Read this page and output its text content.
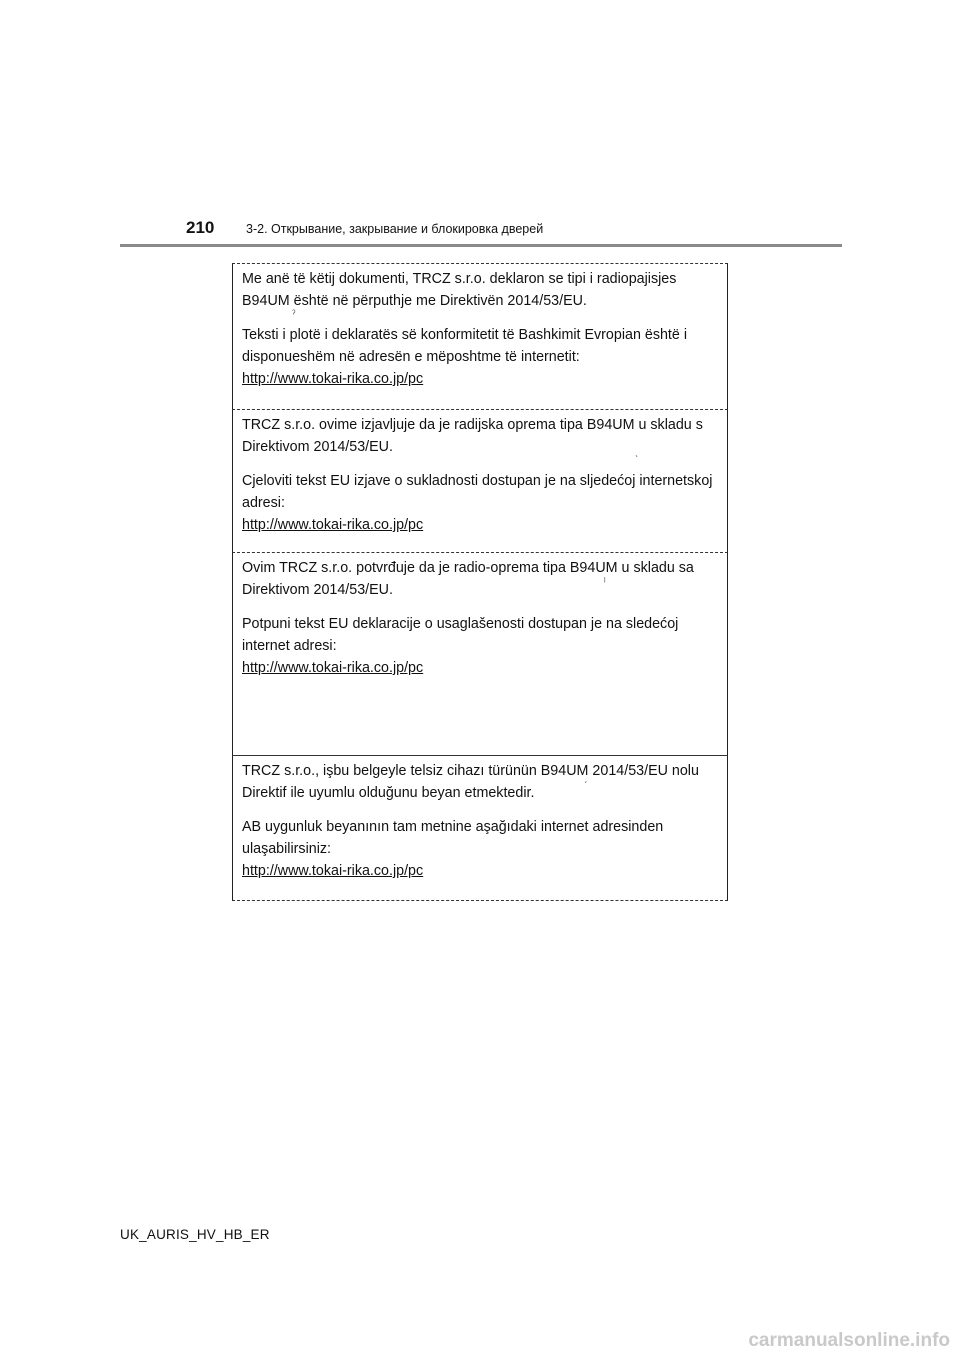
210	3-2. Открывание, закрывание и блокировка дверей

Me anë të këtij dokumenti, TRCZ s.r.o. deklaron se tipi i radiopajisjes B94UM është në përputhje me Direktivën 2014/53/EU.

Teksti i plotë i deklaratës së konformitetit të Bashkimit Evropian është i disponueshëm në adresën e mëposhtme të internetit:
http://www.tokai-rika.co.jp/pc

TRCZ s.r.o. ovime izjavljuje da je radijska oprema tipa B94UM u skladu s Direktivom 2014/53/EU.

Cjeloviti tekst EU izjave o sukladnosti dostupan je na sljedećoj internetskoj adresi:
http://www.tokai-rika.co.jp/pc

Ovim TRCZ s.r.o. potvrđuje da je radio-oprema tipa B94UM u skladu sa Direktivom 2014/53/EU.

Potpuni tekst EU deklaracije o usaglašenosti dostupan je na sledećoj internet adresi:
http://www.tokai-rika.co.jp/pc

TRCZ s.r.o., işbu belgeyle telsiz cihazı türünün B94UM 2014/53/EU nolu Direktif ile uyumlu olduğunu beyan etmektedir.

AB uygunluk beyanının tam metnine aşağıdaki internet adresinden ulaşabilirsiniz:
http://www.tokai-rika.co.jp/pc

ˀ
ˋ
ˡ
ˊ
UK_AURIS_HV_HB_ER
carmanualsonline.info
